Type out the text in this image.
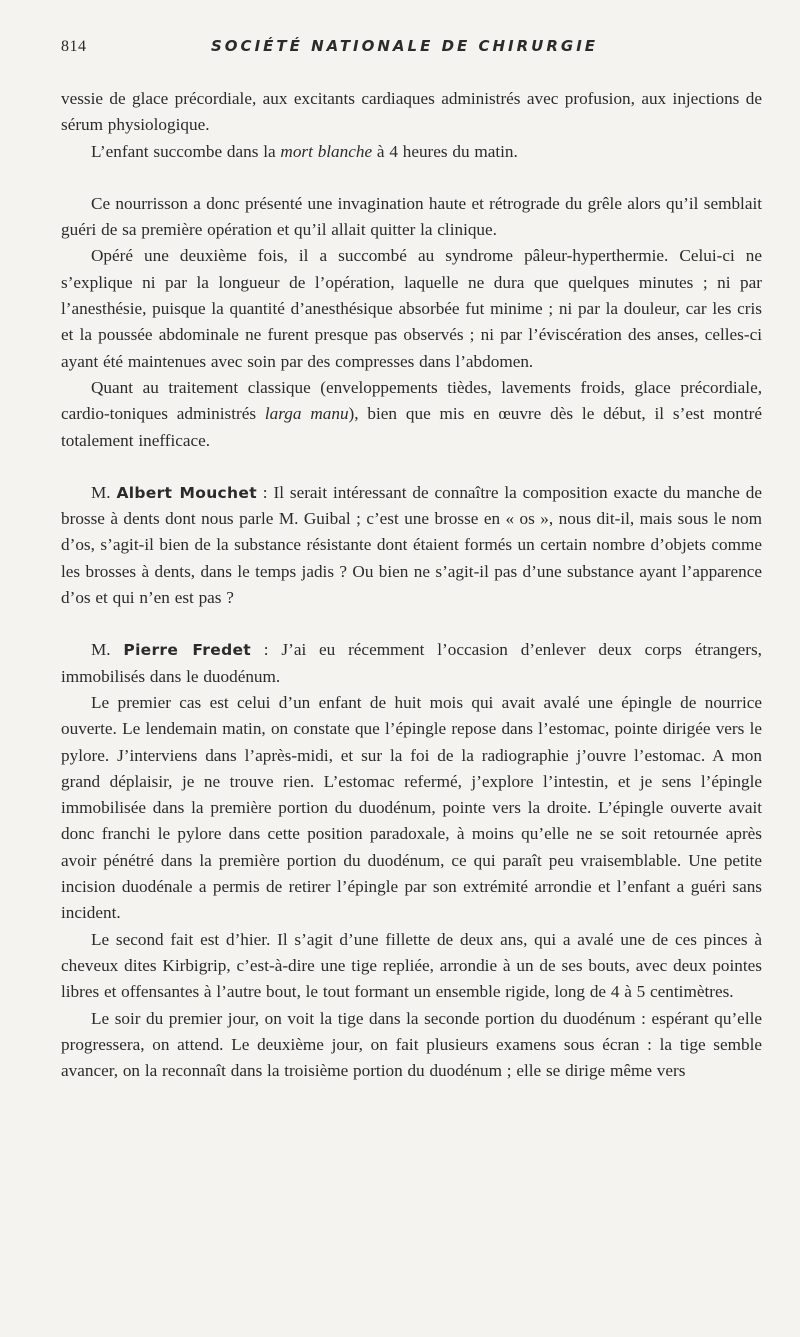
814	SOCIÉTÉ NATIONALE DE CHIRURGIE

vessie de glace précordiale, aux excitants cardiaques administrés avec profusion, aux injections de sérum physiologique.

L’enfant succombe dans la mort blanche à 4 heures du matin.

Ce nourrisson a donc présenté une invagination haute et rétrograde du grêle alors qu’il semblait guéri de sa première opération et qu’il allait quitter la clinique.

Opéré une deuxième fois, il a succombé au syndrome pâleur-hyperthermie. Celui-ci ne s’explique ni par la longueur de l’opération, laquelle ne dura que quelques minutes ; ni par l’anesthésie, puisque la quantité d’anesthésique absorbée fut minime ; ni par la douleur, car les cris et la poussée abdominale ne furent presque pas observés ; ni par l’éviscération des anses, celles-ci ayant été maintenues avec soin par des compresses dans l’abdomen.

Quant au traitement classique (enveloppements tièdes, lavements froids, glace précordiale, cardio-toniques administrés larga manu), bien que mis en œuvre dès le début, il s’est montré totalement inefficace.

M. Albert Mouchet : Il serait intéressant de connaître la composition exacte du manche de brosse à dents dont nous parle M. Guibal ; c’est une brosse en « os », nous dit-il, mais sous le nom d’os, s’agit-il bien de la substance résistante dont étaient formés un certain nombre d’objets comme les brosses à dents, dans le temps jadis ? Ou bien ne s’agit-il pas d’une substance ayant l’apparence d’os et qui n’en est pas ?

M. Pierre Fredet : J’ai eu récemment l’occasion d’enlever deux corps étrangers, immobilisés dans le duodénum.

Le premier cas est celui d’un enfant de huit mois qui avait avalé une épingle de nourrice ouverte. Le lendemain matin, on constate que l’épingle repose dans l’estomac, pointe dirigée vers le pylore. J’interviens dans l’après-midi, et sur la foi de la radiographie j’ouvre l’estomac. A mon grand déplaisir, je ne trouve rien. L’estomac refermé, j’explore l’intestin, et je sens l’épingle immobilisée dans la première portion du duodénum, pointe vers la droite. L’épingle ouverte avait donc franchi le pylore dans cette position paradoxale, à moins qu’elle ne se soit retournée après avoir pénétré dans la première portion du duodénum, ce qui paraît peu vraisemblable. Une petite incision duodénale a permis de retirer l’épingle par son extrémité arrondie et l’enfant a guéri sans incident.

Le second fait est d’hier. Il s’agit d’une fillette de deux ans, qui a avalé une de ces pinces à cheveux dites Kirbigrip, c’est-à-dire une tige repliée, arrondie à un de ses bouts, avec deux pointes libres et offensantes à l’autre bout, le tout formant un ensemble rigide, long de 4 à 5 centimètres.

Le soir du premier jour, on voit la tige dans la seconde portion du duodénum : espérant qu’elle progressera, on attend. Le deuxième jour, on fait plusieurs examens sous écran : la tige semble avancer, on la reconnaît dans la troisième portion du duodénum ; elle se dirige même vers
